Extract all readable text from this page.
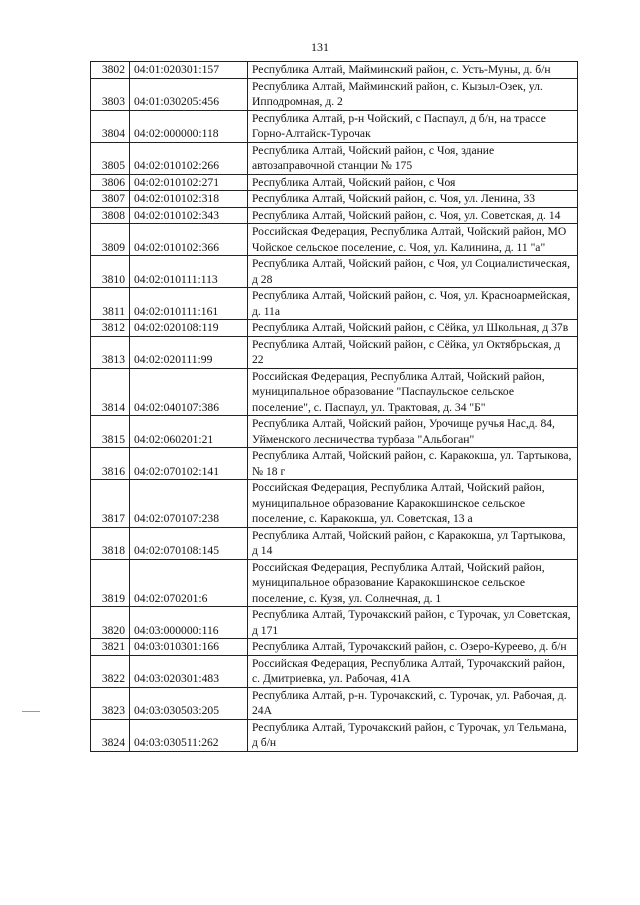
131
3802	04:01:020301:157	Республика Алтай, Майминский район, с. Усть-Муны, д. б/н
3803	04:01:030205:456	Республика Алтай, Майминский район, с. Кызыл-Озек, ул. Ипподромная, д. 2
3804	04:02:000000:118	Республика Алтай, р-н Чойский, с Паспаул, д б/н, на трассе Горно-Алтайск-Турочак
3805	04:02:010102:266	Республика Алтай, Чойский район, с Чоя, здание автозаправочной станции № 175
3806	04:02:010102:271	Республика Алтай, Чойский район, с Чоя
3807	04:02:010102:318	Республика Алтай, Чойский район, с. Чоя, ул. Ленина, 33
3808	04:02:010102:343	Республика Алтай, Чойский район, с. Чоя, ул. Советская, д. 14
3809	04:02:010102:366	Российская Федерация, Республика Алтай, Чойский район, МО Чойское сельское поселение, с. Чоя, ул. Калинина, д. 11 "а"
3810	04:02:010111:113	Республика Алтай, Чойский район, с Чоя, ул Социалистическая, д 28
3811	04:02:010111:161	Республика Алтай, Чойский район, с. Чоя, ул. Красноармейская, д. 11а
3812	04:02:020108:119	Республика Алтай, Чойский район, с Сёйка, ул Школьная, д 37в
3813	04:02:020111:99	Республика Алтай, Чойский район, с Сёйка, ул Октябрьская, д 22
3814	04:02:040107:386	Российская Федерация, Республика Алтай, Чойский район, муниципальное образование "Паспаульское сельское поселение", с. Паспаул, ул. Трактовая, д. 34 "Б"
3815	04:02:060201:21	Республика Алтай, Чойский район, Урочище ручья Нас,д. 84, Уйменского лесничества турбаза "Альбоган"
3816	04:02:070102:141	Республика Алтай, Чойский район, с. Каракокша, ул. Тартыкова, № 18 г
3817	04:02:070107:238	Российская Федерация, Республика Алтай, Чойский район, муниципальное образование Каракокшинское сельское поселение, с. Каракокша, ул. Советская, 13 а
3818	04:02:070108:145	Республика Алтай, Чойский район, с Каракокша, ул Тартыкова, д 14
3819	04:02:070201:6	Российская Федерация, Республика Алтай, Чойский район, муниципальное образование Каракокшинское сельское поселение, с. Кузя, ул. Солнечная, д. 1
3820	04:03:000000:116	Республика Алтай, Турочакский район, с Турочак, ул Советская, д 171
3821	04:03:010301:166	Республика Алтай, Турочакский район, с. Озеро-Куреево, д. б/н
3822	04:03:020301:483	Российская Федерация, Республика Алтай, Турочакский район, с. Дмитриевка, ул. Рабочая, 41А
3823	04:03:030503:205	Республика Алтай, р-н. Турочакский, с. Турочак, ул. Рабочая, д. 24А
3824	04:03:030511:262	Республика Алтай, Турочакский район, с Турочак, ул Тельмана, д б/н
